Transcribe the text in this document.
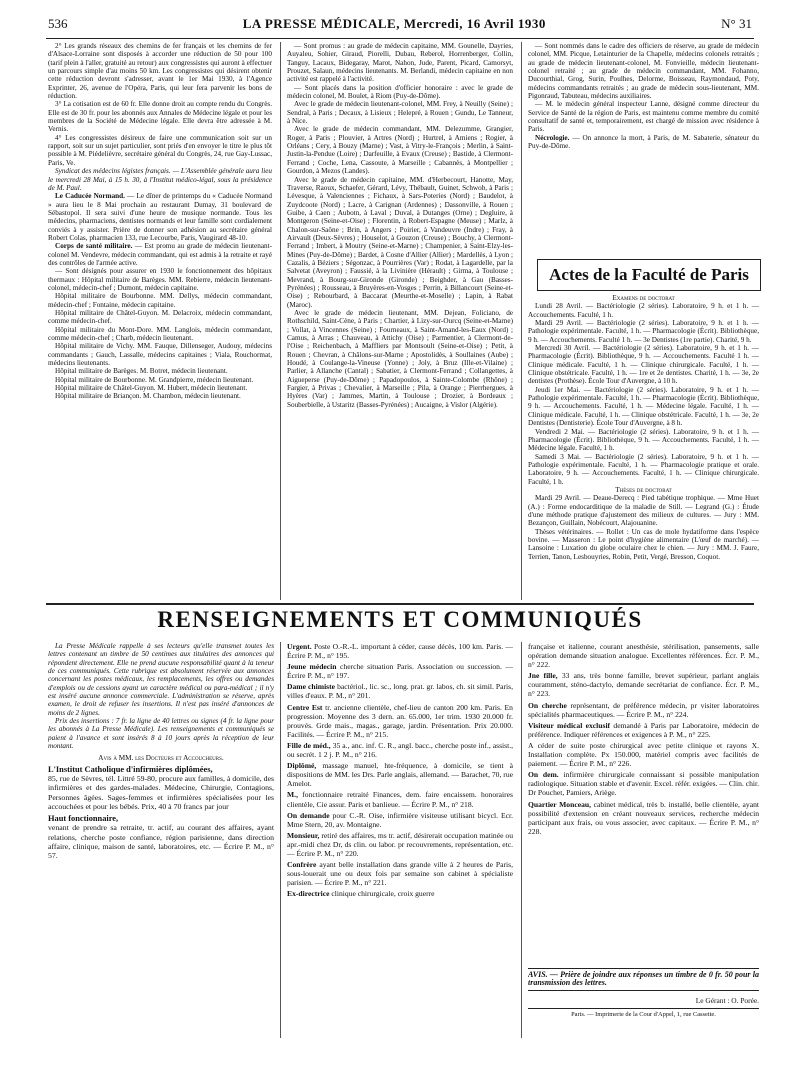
536	LA PRESSE MÉDICALE, Mercredi, 16 Avril 1930	N° 31

2° Les grands réseaux des chemins de fer français et les chemins de fer d'Alsace-Lorraine sont disposés à accorder une réduction de 50 pour 100 (tarif plein à l'aller, gratuité au retour) aux congressistes qui auront à effectuer un parcours simple d'au moins 50 km. Les congressistes qui désirent obtenir cette réduction devront s'adresser, avant le 1er Mai 1930, à l'Agence Exprinter, 26, avenue de l'Opéra, Paris, qui leur fera parvenir les bons de réduction.

3° La cotisation est de 60 fr. Elle donne droit au compte rendu du Congrès. Elle est de 30 fr. pour les abonnés aux Annales de Médecine légale et pour les membres de la Société de Médecine légale. Elle devra être adressée à M. Vernis.

4° Les congressistes désireux de faire une communication soit sur un rapport, soit sur un sujet particulier, sont priés d'en envoyer le titre le plus tôt possible à M. Piédelièvre, secrétaire général du Congrès, 24, rue Gay-Lussac, Paris, Ve.

Syndicat des médecins légistes français. — L'Assemblée générale aura lieu le mercredi 28 Mai, à 15 h. 30, à l'Institut médico-légal, sous la présidence de M. Paul.

Le Caducée Normand. — Le dîner de printemps du « Caducée Normand » aura lieu le 8 Mai prochain au restaurant Dumay, 31 boulevard de Sébastopol. Il sera suivi d'une heure de musique normande. Tous les médecins, pharmaciens, dentistes normands et leur famille sont cordialement conviés à y assister. Prière de donner son adhésion au secrétaire général Robert Colas, pharmacien 133, rue Lecourbe, Paris, Vaugirard 48-10.

Corps de santé militaire. — Est promu au grade de médecin lieutenant-colonel M. Vendevre, médecin commandant, qui est admis à la retraite et rayé des contrôles de l'armée active.

— Sont désignés pour assurer en 1930 le fonctionnement des hôpitaux thermaux : Hôpital militaire de Barèges. MM. Rebierre, médecin lieutenant-colonel, médecin-chef ; Dumont, médecin capitaine.

Hôpital militaire de Bourbonne. MM. Dellys, médecin commandant, médecin-chef ; Fontaine, médecin capitaine.

Hôpital militaire de Châtel-Guyon. M. Delacroix, médecin commandant, comme médecin-chef.

Hôpital militaire du Mont-Dore. MM. Langlois, médecin commandant, comme médecin-chef ; Charb, médecin lieutenant.

Hôpital militaire de Vichy. MM. Fauque, Dillenseger, Audouy, médecins commandants ; Gauch, Lassalle, médecins capitaines ; Viala, Rouchormat, médecins lieutenants.

Hôpital militaire de Barèges. M. Botret, médecin lieutenant.

Hôpital militaire de Bourbonne. M. Grandpierre, médecin lieutenant.

Hôpital militaire de Châtel-Guyon. M. Hubert, médecin lieutenant.

Hôpital militaire de Briançon. M. Chambon, médecin lieutenant.

— Sont promus : au grade de médecin capitaine, MM. Gounelle, Dayries, Auyaleu, Sohier, Giraud, Piorelli, Dubau, Reberol, Horrenberger, Collin, Tanguy, Lacaux, Bidegaray, Marot, Nahon, Jude, Parent, Picard, Camorsyt, Prouzet, Salaun, médecins lieutenants. M. Berlandi, médecin capitaine en non activité est rappelé à l'activité.

— Sont placés dans la position d'officier honoraire : avec le grade de médecin colonel, M. Boulet, à Riom (Puy-de-Dôme).

Avec le grade de médecin lieutenant-colonel, MM. Frey, à Neuilly (Seine) ; Sendral, à Paris ; Decaux, à Lisieux ; Helepré, à Rouen ; Gundu, Le Tanneur, à Nice.

Avec le grade de médecin commandant, MM. Delezumme, Grangier, Roger, à Paris ; Plouvier, à Artres (Nord) ; Hurtrel, à Amiens ; Rogier, à Orléans ; Cery, à Bouzy (Marne) ; Vast, à Vitry-le-François ; Merlin, à Saint-Justin-la-Pendue (Loire) ; Darfeuille, à Evaux (Creuse) ; Bastide, à Clermont-Ferrand ; Coche, Lena, Cassoute, à Marseille ; Cabannès, à Montpellier ; Gourdon, à Mezos (Landes).

Avec le grade de médecin capitaine, MM. d'Herbecourt, Hanotte, May, Traverse, Raoux, Schaefer, Gérard, Lévy, Thébault, Guinet, Schwob, à Paris ; Lévesque, à Valenciennes ; Fichaux, à Sars-Poteries (Nord) ; Baudelot, à Zuydcoote (Nord) ; Lacre, à Carignan (Ardennes) ; Dassonville, à Rouen ; Guibe, à Caen ; Aubotn, à Laval ; Duval, à Dutanges (Orne) ; Degluire, à Montgeron (Seine-et-Oise) ; Florentin, à Robert-Espagne (Meuse) ; Marlz, à Chalon-sur-Saône ; Brin, à Angers ; Poirier, à Vandeuvre (Indre) ; Fray, à Airvault (Deux-Sèvres) ; Houselot, à Gouzon (Creuse) ; Bouchy, à Clermont-Ferrand ; Imbert, à Moutry (Seine-et-Marne) ; Champenier, à Saint-Elzy-les-Mines (Puy-de-Dôme) ; Bardet, à Cosne d'Allier (Allier) ; Mardellès, à Lyon ; Cazalis, à Béziers ; Ségonzac, à Pourrières (Var) ; Rodat, à Lagardelle, par la Salvetat (Aveyron) ; Faussié, à la Livinière (Hérault) ; Girma, à Toulouse ; Mevrand, à Bourg-sur-Gironde (Gironde) ; Beighder, à Gau (Basses-Pyrénées) ; Rousseau, à Bruyères-en-Vosges ; Perrin, à Billancourt (Seine-et-Oise) ; Rebourbard, à Baccarat (Meurthe-et-Moselle) ; Lapin, à Rabat (Maroc).

Avec le grade de médecin lieutenant, MM. Dejean, Foliciano, de Rothschild, Saint-Cène, à Paris ; Chartier, à Lizy-sur-Ourcq (Seine-et-Marne) ; Vollat, à Vincennes (Seine) ; Fourneaux, à Saint-Amand-les-Eaux (Nord) ; Camus, à Arras ; Chauveau, à Attichy (Oise) ; Parmentier, à Clermont-de-l'Oise ; Reichenbach, à Maffliers par Montsoult (Seine-et-Oise) ; Petit, à Rouen ; Chevran, à Châlons-sur-Marne ; Apostolidès, à Soullaines (Aube) ; Houdé, à Coulange-la-Vineuse (Yonne) ; Joly, à Bruz (Ille-et-Vilaine) ; Parlier, à Allanche (Cantal) ; Sabatier, à Clermont-Ferrand ; Collangettes, à Aigueperse (Puy-de-Dôme) ; Papadopoulos, à Sainte-Colombe (Rhône) ; Fargier, à Privas ; Chevalier, à Marseille ; Pila, à Orange ; Pierrhergues, à Hyères (Var) ; Jammes, Martin, à Toulouse ; Drozier, à Bordeaux ; Souberbielle, à Ustaritz (Basses-Pyrénées) ; Aucaigne, à Vislor (Algérie).

— Sont nommés dans le cadre des officiers de réserve, au grade de médecin colonel, MM. Picque, Letainturier de la Chapelle, médecins colonels retraités ; au grade de médecin lieutenant-colonel, M. Fonvieille, médecin lieutenant-colonel retraité ; au grade de médecin commandant, MM. Fohanno, Ducourthial, Grog, Surin, Poulhes, Delorme, Boisseau, Raymondaud, Poty, médecins commandants retraités ; au grade de médecin sous-lieutenant, MM. Pigonraud, Tabuteau, médecins auxiliaires.

— M. le médecin général inspecteur Lanne, désigné comme directeur du Service de Santé de la région de Paris, est maintenu comme membre du comité consultatif de santé et, temporairement, est chargé de mission avec résidence à Paris.

Nécrologie. — On annonce la mort, à Paris, de M. Sabaterie, sénateur du Puy-de-Dôme.

Actes de la Faculté de Paris

Examens de doctorat

Lundi 28 Avril. — Bactériologie (2 séries). Laboratoire, 9 h. et 1 h. — Accouchements. Faculté, 1 h.

Mardi 29 Avril. — Bactériologie (2 séries). Laboratoire, 9 h. et 1 h. — Pathologie expérimentale. Faculté, 1 h. — Pharmacologie (Écrit). Bibliothèque, 9 h. — Accouchements. Faculté 1 h. — 3e Dentistes (1re partie). Charité, 9 h.

Mercredi 30 Avril. — Bactériologie (2 séries). Laboratoire, 9 h. et 1 h. — Pharmacologie (Écrit). Bibliothèque, 9 h. — Accouchements. Faculté 1 h. — Clinique médicale. Faculté, 1 h. — Clinique chirurgicale. Faculté, 1 h. — Clinique obstétricale. Faculté, 1 h. — 1re et 2e dentistes. Charité, 1 h. — 3e, 2e dentistes (Prothèse). École Tour d'Auvergne, à 10 h.

Jeudi 1er Mai. — Bactériologie (2 séries). Laboratoire, 9 h. et 1 h. — Pathologie expérimentale. Faculté, 1 h. — Pharmacologie (Écrit). Bibliothèque, 9 h. — Accouchements. Faculté, 1 h. — Médecine légale. Faculté, 1 h. — Clinique médicale. Faculté, 1 h. — Clinique obstétricale. Faculté, 1 h. — 3e, 2e Dentistes (Dentisterie). École Tour d'Auvergne, à 8 h.

Vendredi 2 Mai. — Bactériologie (2 séries). Laboratoire, 9 h. et 1 h. — Pharmacologie (Écrit). Bibliothèque, 9 h. — Accouchements. Faculté, 1 h. — Médecine légale. Faculté, 1 h.

Samedi 3 Mai. — Bactériologie (2 séries). Laboratoire, 9 h. et 1 h. — Pathologie expérimentale. Faculté, 1 h. — Pharmacologie pratique et orale. Laboratoire, 9 h. — Accouchements. Faculté, 1 h. — Clinique chirurgicale. Faculté, 1 h.

Thèses de doctorat

Mardi 29 Avril. — Deaue-Derecq : Pied tabétique trophique. — Mme Huet (A.) : Forme endocarditique de la maladie de Still. — Legrand (G.) : Étude d'une méthode pratique d'ajustement des milieux de cultures. — Jury : MM. Bezançon, Guillain, Nobécourt, Alajouanine.

Thèses vétérinaires. — Rollet : Un cas de mole hydatiforme dans l'espèce bovine. — Masseron : Le point d'hygiène alimentaire (L'œuf de marché). — Lansoine : Luxation du globe oculaire chez le chien. — Jury : MM. J. Faure, Terrien, Tanon, Lesbouyries, Robin, Petit, Vergé, Bresson, Coquot.

RENSEIGNEMENTS ET COMMUNIQUÉS

La Presse Médicale rappelle à ses lecteurs qu'elle transmet toutes les lettres contenant un timbre de 50 centimes aux titulaires des annonces qui répondent directement. Elle ne prend aucune responsabilité quant à la teneur de ces communiqués. Cette rubrique est absolument réservée aux annonces concernant les postes médicaux, les remplacements, les offres ou demandes d'emplois ou de cessions ayant un caractère médical ou para-médical ; il n'y est inséré aucune annonce commerciale. L'administration se réserve, après examen, le droit de refuser les insertions. Il n'est pas inséré d'annonces de moins de 2 lignes.

Prix des insertions : 7 fr. la ligne de 40 lettres ou signes (4 fr. la ligne pour les abonnés à La Presse Médicale). Les renseignements et communiqués se paient à l'avance et sont insérés 8 à 10 jours après la réception de leur montant.

Avis à MM. les Docteurs et Accoucheurs.

L'Institut Catholique d'infirmières diplômées,

85, rue de Sèvres, tél. Littré 59-80, procure aux familles, à domicile, des infirmières et des gardes-malades. Médecine, Chirurgie, Contagions, Personnes âgées. Sages-femmes et infirmières spécialisées pour les accouchées et pour les bébés. Prix, 40 à 70 francs par jour

Haut fonctionnaire,

venant de prendre sa retraite, tr. actif, au courant des affaires, ayant relations, cherche poste confiance, région parisienne, dans direction affaire, clinique, maison de santé, laboratoires, etc. — Écrire P. M., n° 57.

Urgent. Poste O.-R.-L. important à céder, cause décès, 100 km. Paris. — Écrire P. M., n° 195.

Jeune médecin cherche situation Paris. Association ou succession. — Écrire P. M., n° 197.

Dame chimiste bactériol., lic. sc., long. prat. gr. labos, ch. sit simil. Paris, villes d'eaux. P. M., n° 201.

Centre Est tr. ancienne clientèle, chef-lieu de canton 200 km. Paris. En progression. Moyenne des 3 dern. an. 65.000, 1er trim. 1930 20.000 fr. prouvés. Grde mais., magas., garage, jardin. Présentation. Prix 20.000. Facilités. — Écrire P. M., n° 215.

Fille de méd., 35 a., anc. inf. C. R., angl. bacc., cherche poste inf., assist., ou secrét. 1 2 j. P. M., n° 216.

Diplômé, massage manuel, hte-fréquence, à domicile, se tient à dispositions de MM. les Drs. Parle anglais, allemand. — Barachet, 70, rue Amelot.

M., fonctionnaire retraité Finances, dem. faire encaissem. honoraires clientèle, Cie assur. Paris et banlieue. — Écrire P. M., n° 218.

On demande pour C.-R. Oise, infirmière visiteuse utilisant bicycl. Ecr. Mme Stern, 20, av. Montaigne.

Monsieur, retiré des affaires, ms tr. actif, désirerait occupation matinée ou apr.-midi chez Dr, ds clin. ou labor. pr recouvrements, représentation, etc. — Écrire P. M., n° 220.

Confrère ayant belle installation dans grande ville à 2 heures de Paris, sous-louerait une ou deux fois par semaine son cabinet à spécialiste parisien. — Écrire P. M., n° 221.

Ex-directrice clinique chirurgicale, croix guerre

française et italienne, courant anesthésie, stérilisation, pansements, salle opération demande situation analogue. Excellentes références. Écr. P. M., n° 222.

Jne fille, 33 ans, très bonne famille, brevet supérieur, parlant anglais couramment, sténo-dactylo, demande secrétariat de confiance. Écr. P. M., n° 223.

On cherche représentant, de préférence médecin, pr visiter laboratoires spécialités pharmaceutiques. — Écrire P. M., n° 224.

Visiteur médical exclusif demandé à Paris par Laboratoire, médecin de préférence. Indiquer références et exigences à P. M., n° 225.

A céder de suite poste chirurgical avec petite clinique et rayons X. Installation complète. Px 150.000, matériel compris avec facilités de paiement. — Écrire P. M., n° 226.

On dem. infirmière chirurgicale connaissant si possible manipulation radiologique. Situation stable et d'avenir. Excel. référ. exigées. — Clin. chir. Dr Pouchet, Pamiers, Ariège.

Quartier Monceau, cabinet médical, très b. installé, belle clientèle, ayant possibilité d'extension en créant nouveaux services, recherche médecin participant aux frais, ou vous associer, avec capitaux. — Écrire P. M., n° 228.

AVIS. — Prière de joindre aux réponses un timbre de 0 fr. 50 pour la transmission des lettres.

Le Gérant : O. Porée.

Paris. — Imprimerie de la Cour d'Appel, 1, rue Cassette.
